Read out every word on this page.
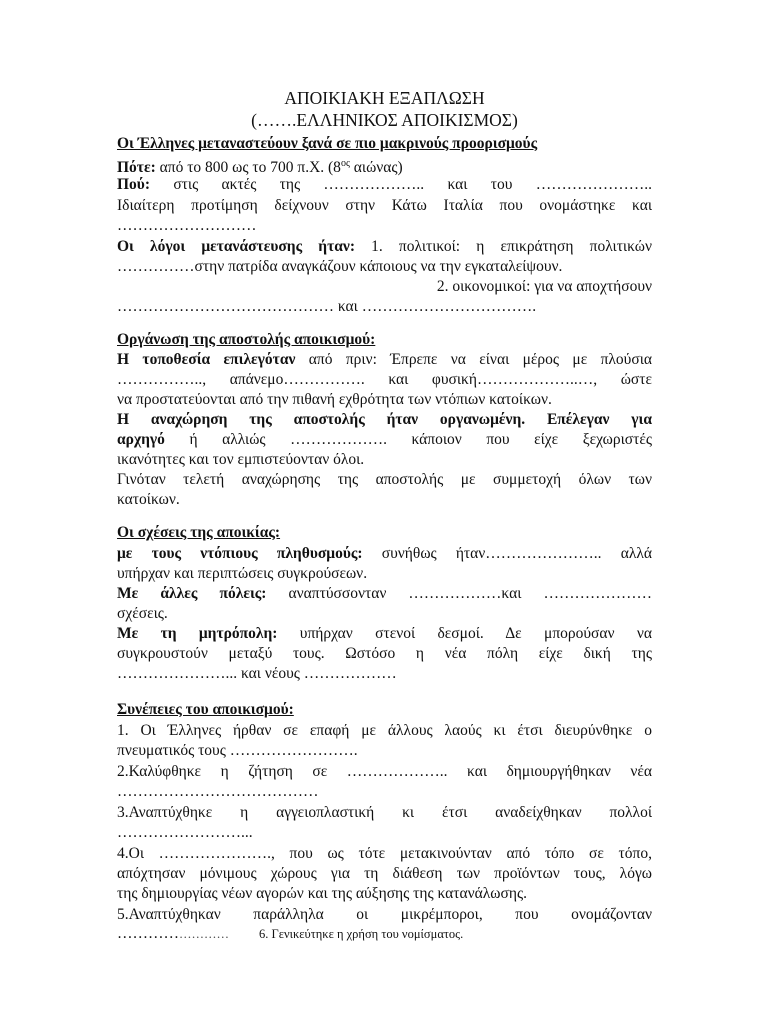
ΑΠΟΙΚΙΑΚΗ ΕΞΑΠΛΩΣΗ
(…….ΕΛΛΗΝΙΚΟΣ ΑΠΟΙΚΙΣΜΟΣ)
Οι Έλληνες μεταναστεύουν ξανά σε πιο μακρινούς προορισμούς
Πότε: από το 800 ως το 700 π.Χ. ($8^{o\varsigma}$ αιώνας)
Πού: στις ακτές της ……………….. και του …………………..
Ιδιαίτερη προτίμηση δείχνουν στην Κάτω Ιταλία που ονομάστηκε και
………………………
Οι λόγοι μετανάστευσης ήταν: 1. πολιτικοί: η επικράτηση πολιτικών
……………στην πατρίδα αναγκάζουν κάποιους να την εγκαταλείψουν.
2. οικονομικοί: για να αποχτήσουν
…………………………………… και …………………………….
Οργάνωση της αποστολής αποικισμού:
Η τοποθεσία επιλεγόταν από πριν: Έπρεπε να είναι μέρος με πλούσια
…………….., απάνεμο……………. και φυσική………………..…, ώστε
να προστατεύονται από την πιθανή εχθρότητα των ντόπιων κατοίκων.
Η αναχώρηση της αποστολής ήταν οργανωμένη. Επέλεγαν για
αρχηγό ή αλλιώς ………………. κάποιον που είχε ξεχωριστές
ικανότητες και τον εμπιστεύονταν όλοι.
Γινόταν τελετή αναχώρησης της αποστολής με συμμετοχή όλων των
κατοίκων.
Οι σχέσεις της αποικίας:
με τους ντόπιους πληθυσμούς: συνήθως ήταν………………….. αλλά
υπήρχαν και περιπτώσεις συγκρούσεων.
Με άλλες πόλεις: αναπτύσσονταν ………………και …………………
σχέσεις.
Με τη μητρόπολη: υπήρχαν στενοί δεσμοί. Δε μπορούσαν να
συγκρουστούν μεταξύ τους. Ωστόσο η νέα πόλη είχε δική της
…………………... και νέους ………………
Συνέπειες του αποικισμού:
1. Οι Έλληνες ήρθαν σε επαφή με άλλους λαούς κι έτσι διευρύνθηκε ο
πνευματικός τους …………………….
2.Καλύφθηκε η ζήτηση σε ……………….. και δημιουργήθηκαν νέα
…………………………………
3.Αναπτύχθηκε η αγγειοπλαστική κι έτσι αναδείχθηκαν πολλοί
……………………...
4.Οι …………………., που ως τότε μετακινούνταν από τόπο σε τόπο,
απόχτησαν μόνιμους χώρους για τη διάθεση των προϊόντων τους, λόγω
της δημιουργίας νέων αγορών και της αύξησης της κατανάλωσης.
5.Αναπτύχθηκαν παράλληλα οι μικρέμποροι, που ονομάζονταν
…………………… 6. Γενικεύτηκε η χρήση του νομίσματος.
